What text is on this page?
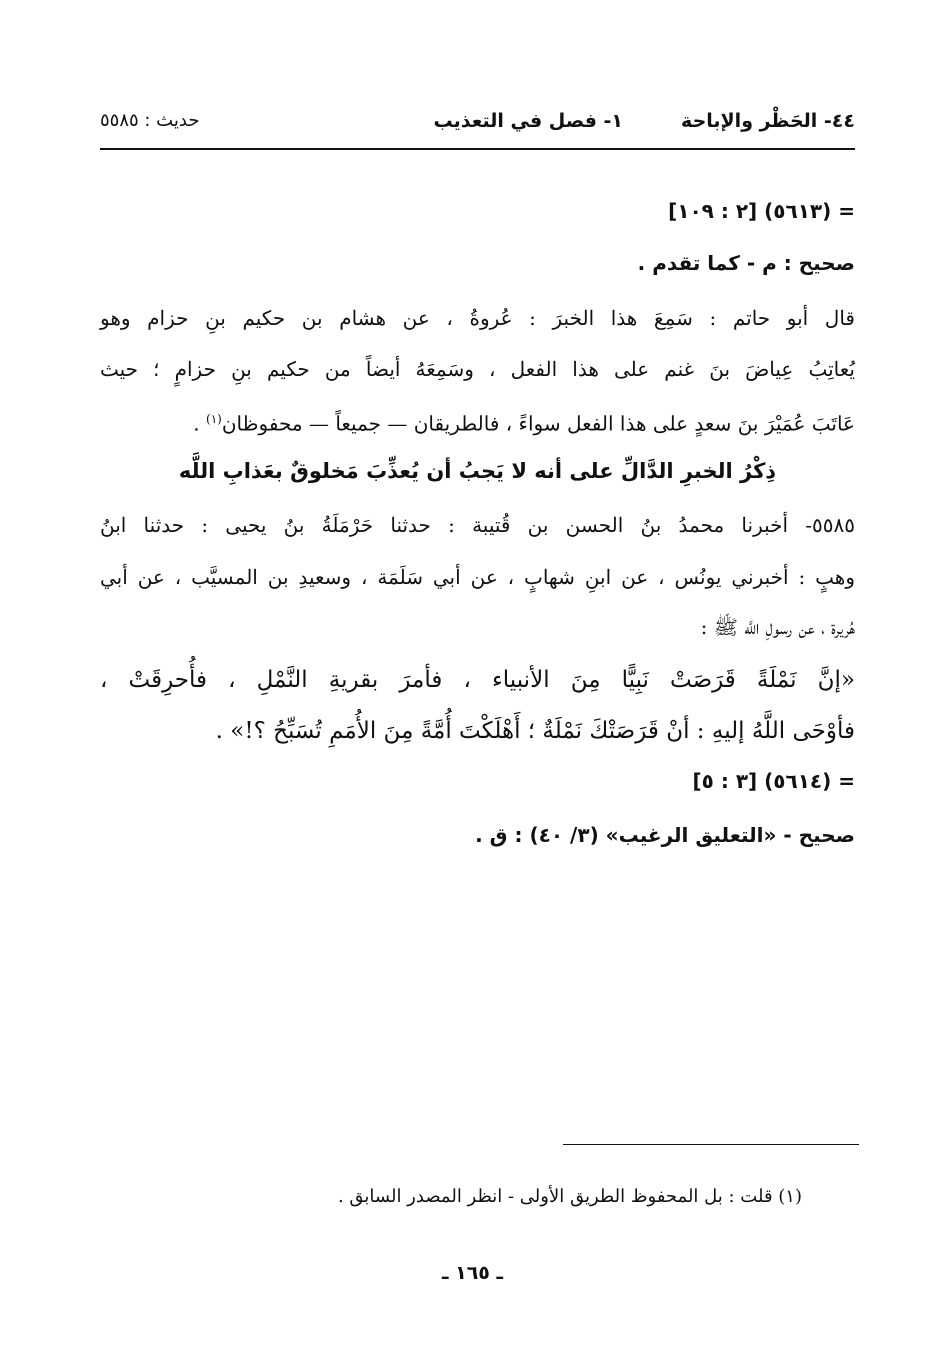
٤٤- الحَظْر والإباحة
١- فصل في التعذيب
حديث : ٥٥٨٥
= (٥٦١٣) [٢ : ١٠٩]
صحيح : م - كما تقدم .
قال أبو حاتم : سَمِعَ هذا الخبرَ : عُروةُ ، عن هشام بن حكيم بنِ حزام وهو
يُعاتِبُ عِياضَ بنَ غنم على هذا الفعل ، وسَمِعَهُ أيضاً من حكيم بنِ حزامٍ ؛ حيث
عَاتَبَ عُمَيْرَ بنَ سعدٍ على هذا الفعل سواءً ، فالطريقان — جميعاً — محفوظان$^{(١)}$ .
ذِكْرُ الخبرِ الدَّالِّ على أنه لا يَجبُ أن يُعذِّبَ مَخلوقٌ بعَذابِ اللَّه
٥٥٨٥- أخبرنا محمدُ بنُ الحسن بن قُتيبة : حدثنا حَرْمَلَةُ بنُ يحيى : حدثنا ابنُ
وهبٍ : أخبرني يونُس ، عن ابنِ شهابٍ ، عن أبي سَلَمَة ، وسعيدِ بن المسيَّب ، عن أبي
هُريرة ، عن رسولِ اللَّه ﷺ :
«إنَّ نَمْلَةً قَرَصَتْ نَبِيًّا مِنَ الأنبياء ، فأمرَ بقريةِ النَّمْلِ ، فأُحرِقَتْ ،
فأوْحَى اللَّهُ إليهِ : أنْ قَرَصَتْكَ نَمْلَةٌ ؛ أَهْلَكْتَ أُمَّةً مِنَ الأُمَمِ تُسَبِّحُ ؟!» .
= (٥٦١٤) [٣ : ٥]
صحيح - «التعليق الرغيب» (٣/ ٤٠) : ق .
(١) قلت : بل المحفوظ الطريق الأولى - انظر المصدر السابق .
ـ ١٦٥ ـ
